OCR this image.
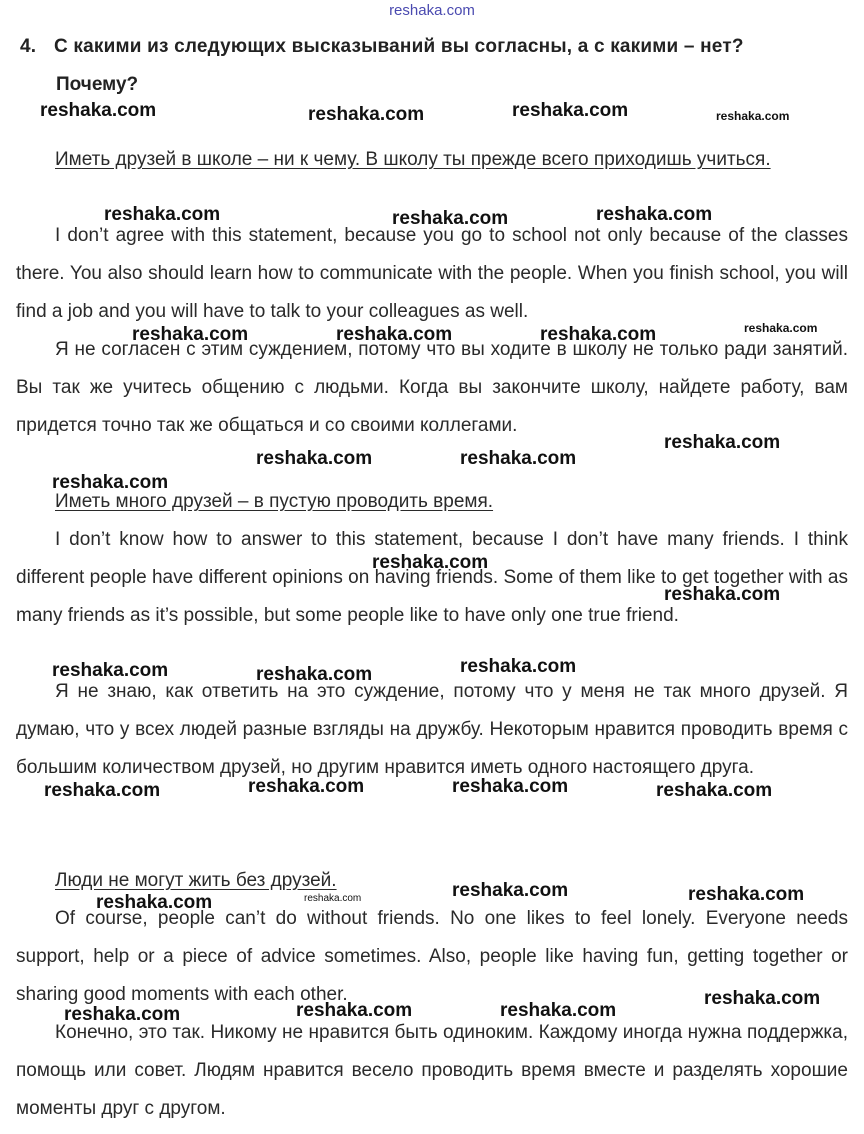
reshaka.com
4. С какими из следующих высказываний вы согласны, а с какими – нет?
Почему?

Иметь друзей в школе – ни к чему. В школу ты прежде всего приходишь учиться.

I don’t agree with this statement, because you go to school not only because of the classes there. You also should learn how to communicate with the people. When you finish school, you will find a job and you will have to talk to your colleagues as well.

Я не согласен с этим суждением, потому что вы ходите в школу не только ради занятий. Вы так же учитесь общению с людьми. Когда вы закончите школу, найдете работу, вам придется точно так же общаться и со своими коллегами.

Иметь много друзей – в пустую проводить время.

I don’t know how to answer to this statement, because I don’t have many friends. I think different people have different opinions on having friends. Some of them like to get together with as many friends as it’s possible, but some people like to have only one true friend.

Я не знаю, как ответить на это суждение, потому что у меня не так много друзей. Я думаю, что у всех людей разные взгляды на дружбу. Некоторым нравится проводить время с большим количеством друзей, но другим нравится иметь одного настоящего друга.

Люди не могут жить без друзей.

Of course, people can’t do without friends. No one likes to feel lonely. Everyone needs support, help or a piece of advice sometimes. Also, people like having fun, getting together or sharing good moments with each other.

Конечно, это так. Никому не нравится быть одиноким. Каждому иногда нужна поддержка, помощь или совет. Людям нравится весело проводить время вместе и разделять хорошие моменты друг с другом.

reshaka.com	reshaka.com	reshaka.com	reshaka.com
reshaka.com	reshaka.com	reshaka.com
reshaka.com	reshaka.com	reshaka.com	reshaka.com
reshaka.com
reshaka.com	reshaka.com
reshaka.com
reshaka.com
reshaka.com
reshaka.com	reshaka.com	reshaka.com
reshaka.com	reshaka.com	reshaka.com	reshaka.com
reshaka.com	reshaka.com
reshaka.com	reshaka.com
reshaka.com
reshaka.com	reshaka.com	reshaka.com
